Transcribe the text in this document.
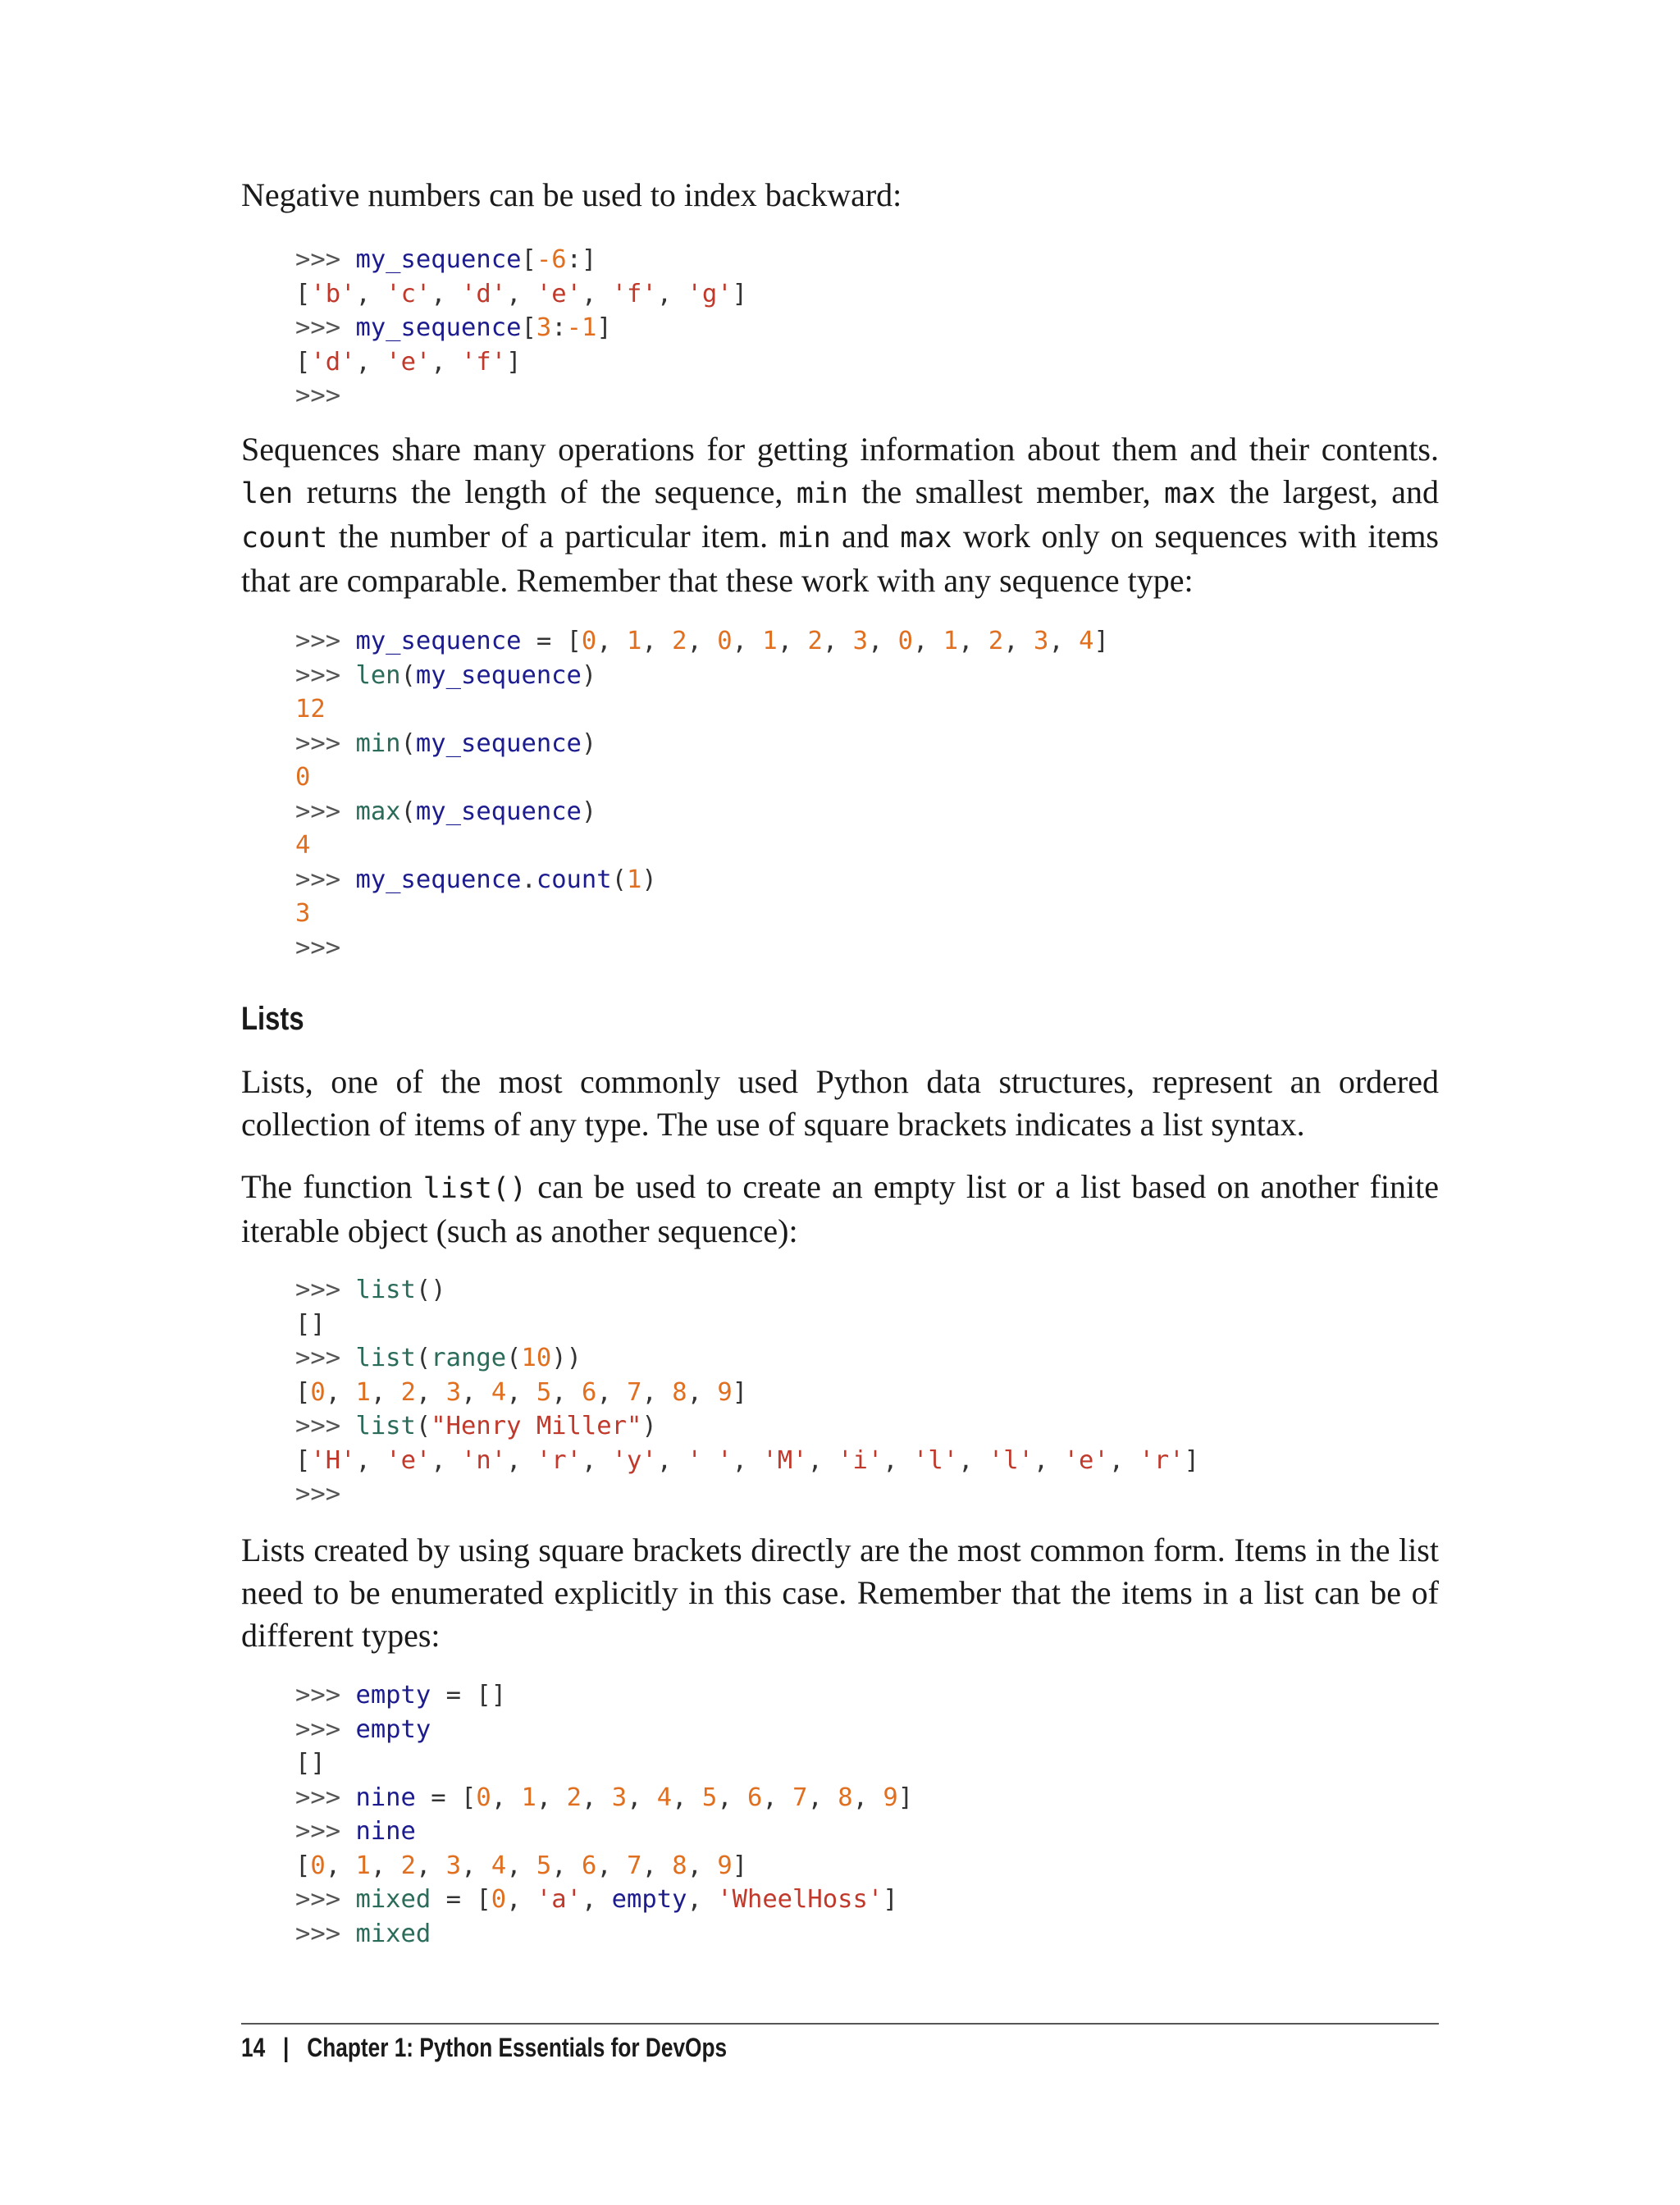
Negative numbers can be used to index backward:

>>> my_sequence[-6:]
['b', 'c', 'd', 'e', 'f', 'g']
>>> my_sequence[3:-1]
['d', 'e', 'f']
>>>

Sequences share many operations for getting information about them and their contents. len returns the length of the sequence, min the smallest member, max the largest, and count the number of a particular item. min and max work only on sequences with items that are comparable. Remember that these work with any sequence type:

>>> my_sequence = [0, 1, 2, 0, 1, 2, 3, 0, 1, 2, 3, 4]
>>> len(my_sequence)
12
>>> min(my_sequence)
0
>>> max(my_sequence)
4
>>> my_sequence.count(1)
3
>>>
Lists

Lists, one of the most commonly used Python data structures, represent an ordered collection of items of any type. The use of square brackets indicates a list syntax.

The function list() can be used to create an empty list or a list based on another finite iterable object (such as another sequence):

>>> list()
[]
>>> list(range(10))
[0, 1, 2, 3, 4, 5, 6, 7, 8, 9]
>>> list("Henry Miller")
['H', 'e', 'n', 'r', 'y', ' ', 'M', 'i', 'l', 'l', 'e', 'r']
>>>

Lists created by using square brackets directly are the most common form. Items in the list need to be enumerated explicitly in this case. Remember that the items in a list can be of different types:

>>> empty = []
>>> empty
[]
>>> nine = [0, 1, 2, 3, 4, 5, 6, 7, 8, 9]
>>> nine
[0, 1, 2, 3, 4, 5, 6, 7, 8, 9]
>>> mixed = [0, 'a', empty, 'WheelHoss']
>>> mixed
14 | Chapter 1: Python Essentials for DevOps
